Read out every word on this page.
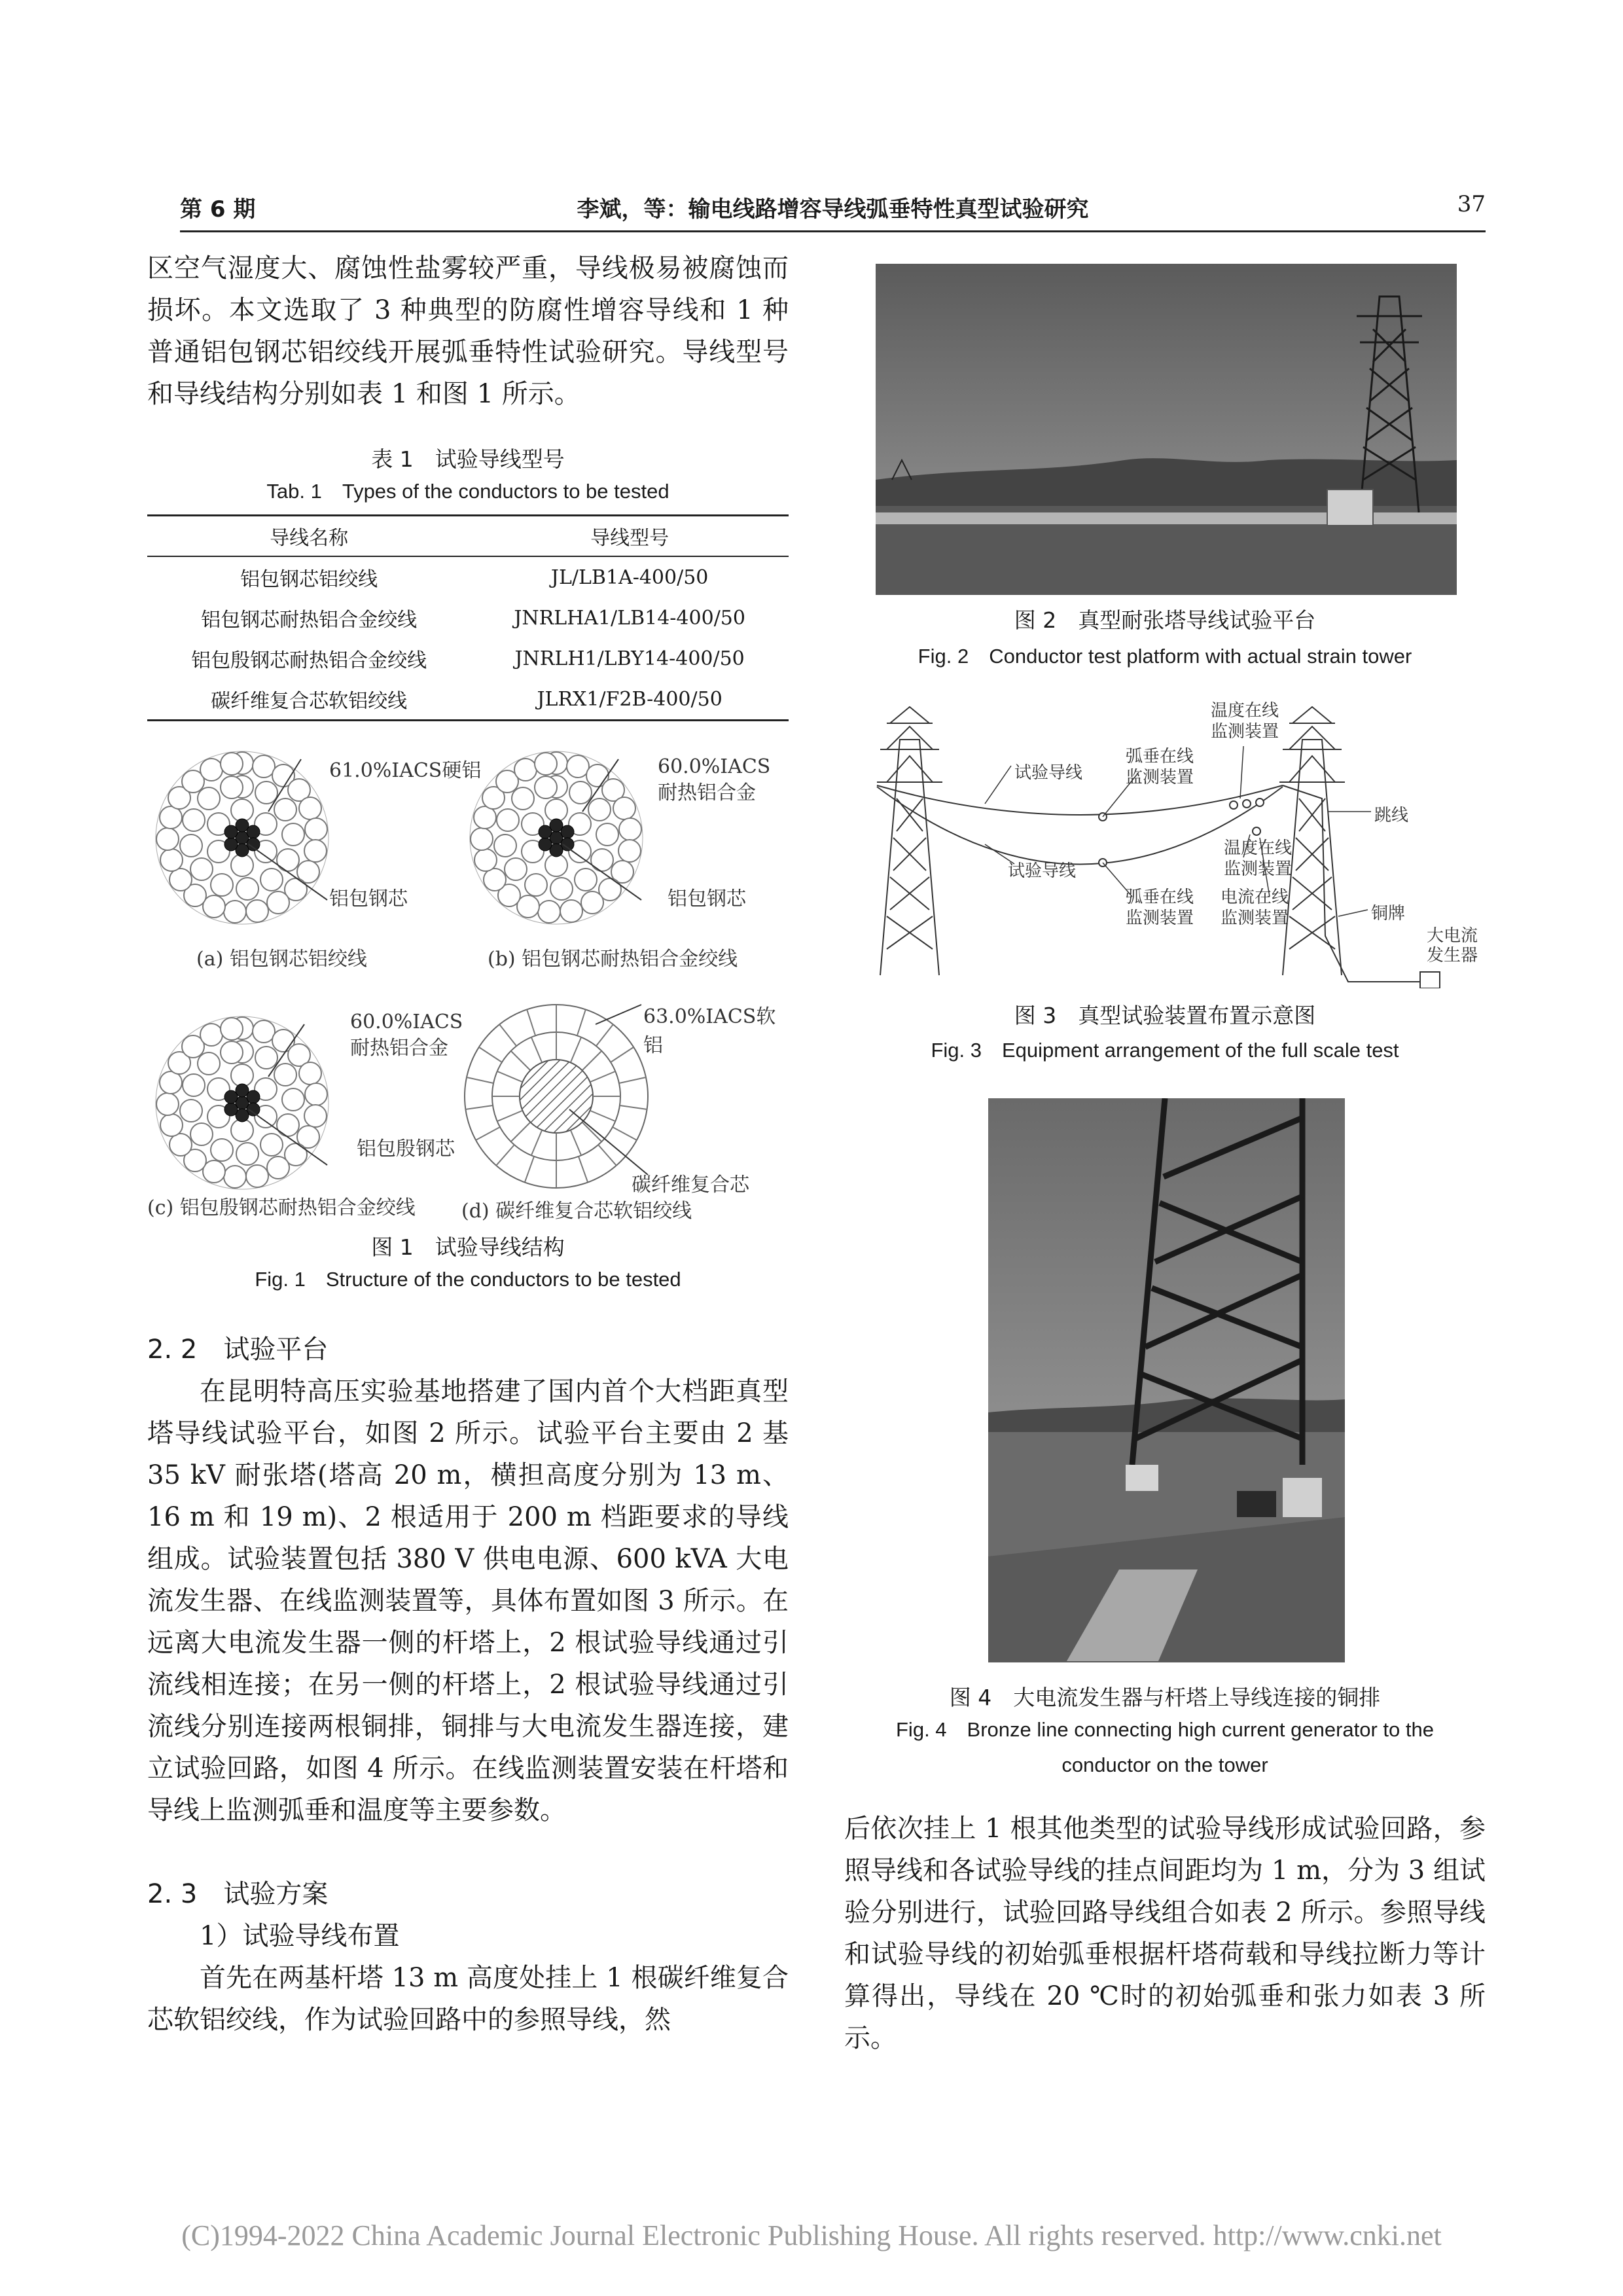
第 6 期	李斌，等：输电线路增容导线弧垂特性真型试验研究	37

区空气湿度大、腐蚀性盐雾较严重，导线极易被腐蚀而损坏。本文选取了 3 种典型的防腐性增容导线和 1 种普通铝包钢芯铝绞线开展弧垂特性试验研究。导线型号和导线结构分别如表 1 和图 1 所示。

表 1　试验导线型号
Tab. 1　Types of the conductors to be tested
导线名称	导线型号
铝包钢芯铝绞线	JL/LB1A-400/50
铝包钢芯耐热铝合金绞线	JNRLHA1/LB14-400/50
铝包殷钢芯耐热铝合金绞线	JNRLH1/LBY14-400/50
碳纤维复合芯软铝绞线	JLRX1/F2B-400/50
61.0%IACS硬铝
铝包钢芯
(a) 铝包钢芯铝绞线
60.0%IACS耐热铝合金
铝包钢芯
(b) 铝包钢芯耐热铝合金绞线
60.0%IACS耐热铝合金
铝包殷钢芯
(c) 铝包殷钢芯耐热铝合金绞线
63.0%IACS软铝
碳纤维复合芯
(d) 碳纤维复合芯软铝绞线
图 1　试验导线结构
Fig. 1　Structure of the conductors to be tested
2. 2　试验平台

在昆明特高压实验基地搭建了国内首个大档距真型塔导线试验平台，如图 2 所示。试验平台主要由 2 基 35 kV 耐张塔(塔高 20 m，横担高度分别为 13 m、16 m 和 19 m)、2 根适用于 200 m 档距要求的导线组成。试验装置包括 380 V 供电电源、600 kVA 大电流发生器、在线监测装置等，具体布置如图 3 所示。在远离大电流发生器一侧的杆塔上，2 根试验导线通过引流线相连接；在另一侧的杆塔上，2 根试验导线通过引流线分别连接两根铜排，铜排与大电流发生器连接，建立试验回路，如图 4 所示。在线监测装置安装在杆塔和导线上监测弧垂和温度等主要参数。

2. 3　试验方案
1）试验导线布置

首先在两基杆塔 13 m 高度处挂上 1 根碳纤维复合芯软铝绞线，作为试验回路中的参照导线，然

图 2　真型耐张塔导线试验平台
Fig. 2　Conductor test platform with actual strain tower
试验导线
弧垂在线监测装置
温度在线监测装置
跳线
试验导线
温度在线监测装置
弧垂在线监测装置
电流在线监测装置	铜牌
大电流发生器
图 3　真型试验装置布置示意图
Fig. 3　Equipment arrangement of the full scale test
图 4　大电流发生器与杆塔上导线连接的铜排
Fig. 4　Bronze line connecting high current generator to the
conductor on the tower

后依次挂上 1 根其他类型的试验导线形成试验回路，参照导线和各试验导线的挂点间距均为 1 m，分为 3 组试验分别进行，试验回路导线组合如表 2 所示。参照导线和试验导线的初始弧垂根据杆塔荷载和导线拉断力等计算得出，导线在 20 ℃时的初始弧垂和张力如表 3 所示。

(C)1994-2022 China Academic Journal Electronic Publishing House. All rights reserved. http://www.cnki.net
